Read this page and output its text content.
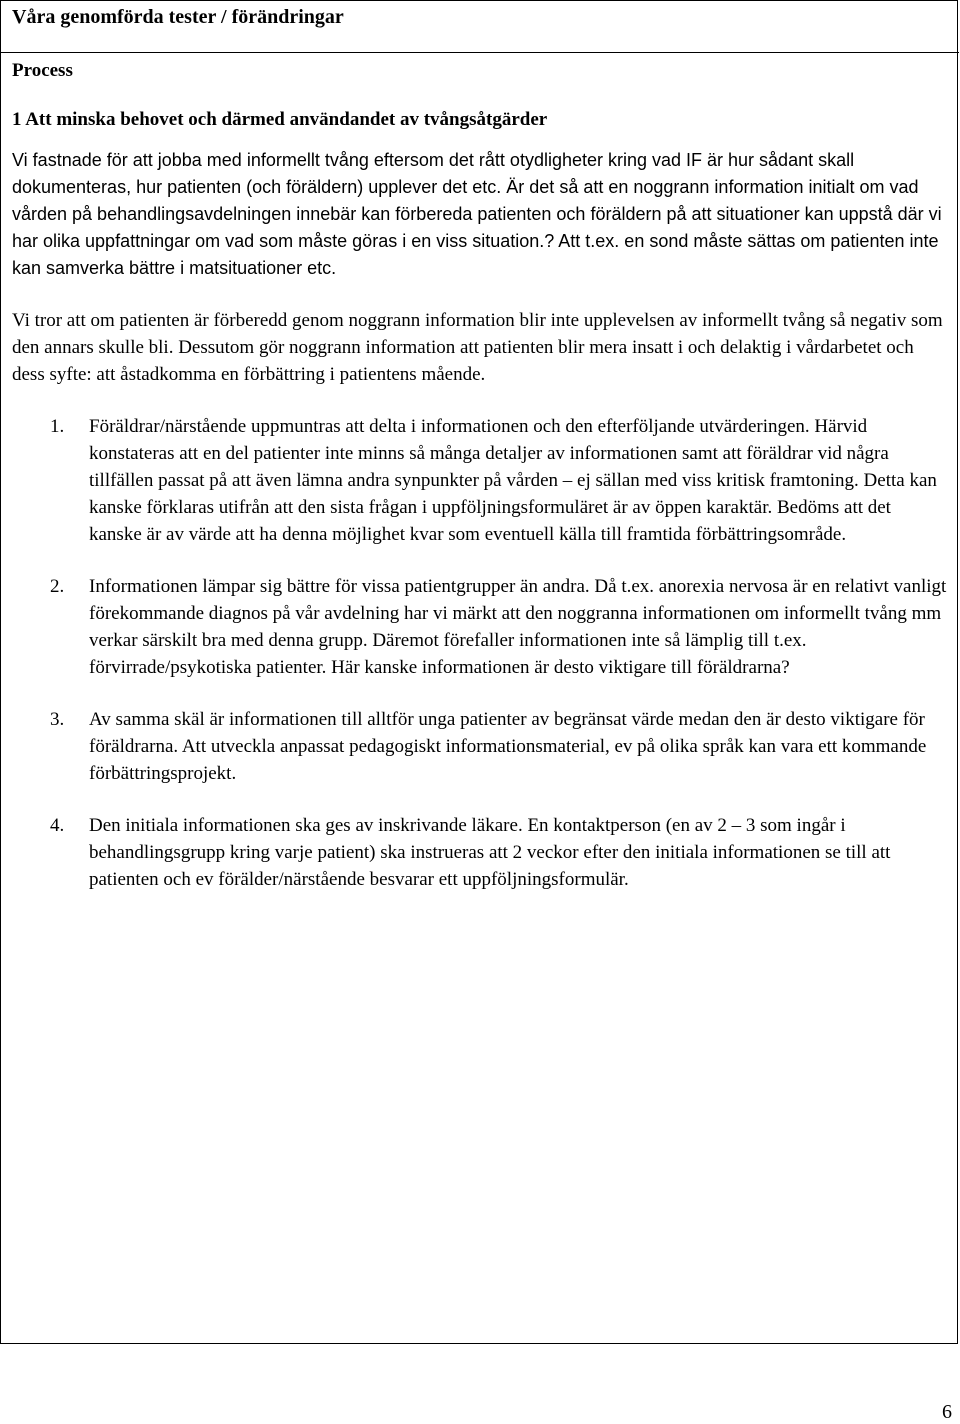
Våra genomförda tester / förändringar

Process

1 Att minska behovet och därmed användandet av tvångsåtgärder

Vi fastnade för att jobba med informellt tvång eftersom det rått otydligheter kring vad IF är hur sådant skall dokumenteras, hur patienten (och föräldern) upplever det etc. Är det så att en noggrann information initialt om vad vården på behandlingsavdelningen innebär kan förbereda patienten och föräldern på att situationer kan uppstå där vi har olika uppfattningar om vad som måste göras i en viss situation.? Att t.ex. en sond måste sättas om patienten inte kan samverka bättre i matsituationer etc.

Vi tror att om patienten är förberedd genom noggrann information blir inte upplevelsen av informellt tvång så negativ som den annars skulle bli. Dessutom gör noggrann information att patienten blir mera insatt i och delaktig i vårdarbetet och dess syfte: att åstadkomma en förbättring i patientens mående.

1. Föräldrar/närstående uppmuntras att delta i informationen och den efterföljande utvärderingen. Härvid konstateras att en del patienter inte minns så många detaljer av informationen samt att föräldrar vid några tillfällen passat på att även lämna andra synpunkter på vården – ej sällan med viss kritisk framtoning. Detta kan kanske förklaras utifrån att den sista frågan i uppföljningsformuläret är av öppen karaktär. Bedöms att det kanske är av värde att ha denna möjlighet kvar som eventuell källa till framtida förbättringsområde.
2. Informationen lämpar sig bättre för vissa patientgrupper än andra. Då t.ex. anorexia nervosa är en relativt vanligt förekommande diagnos på vår avdelning har vi märkt att den noggranna informationen om informellt tvång mm verkar särskilt bra med denna grupp. Däremot förefaller informationen inte så lämplig till t.ex. förvirrade/psykotiska patienter. Här kanske informationen är desto viktigare till föräldrarna?
3. Av samma skäl är informationen till alltför unga patienter av begränsat värde medan den är desto viktigare för föräldrarna. Att utveckla anpassat pedagogiskt informationsmaterial, ev på olika språk kan vara ett kommande förbättringsprojekt.
4. Den initiala informationen ska ges av inskrivande läkare. En kontaktperson (en av 2 – 3 som ingår i behandlingsgrupp kring varje patient) ska instrueras att 2 veckor efter den initiala informationen se till att patienten och ev förälder/närstående besvarar ett uppföljningsformulär.
6
